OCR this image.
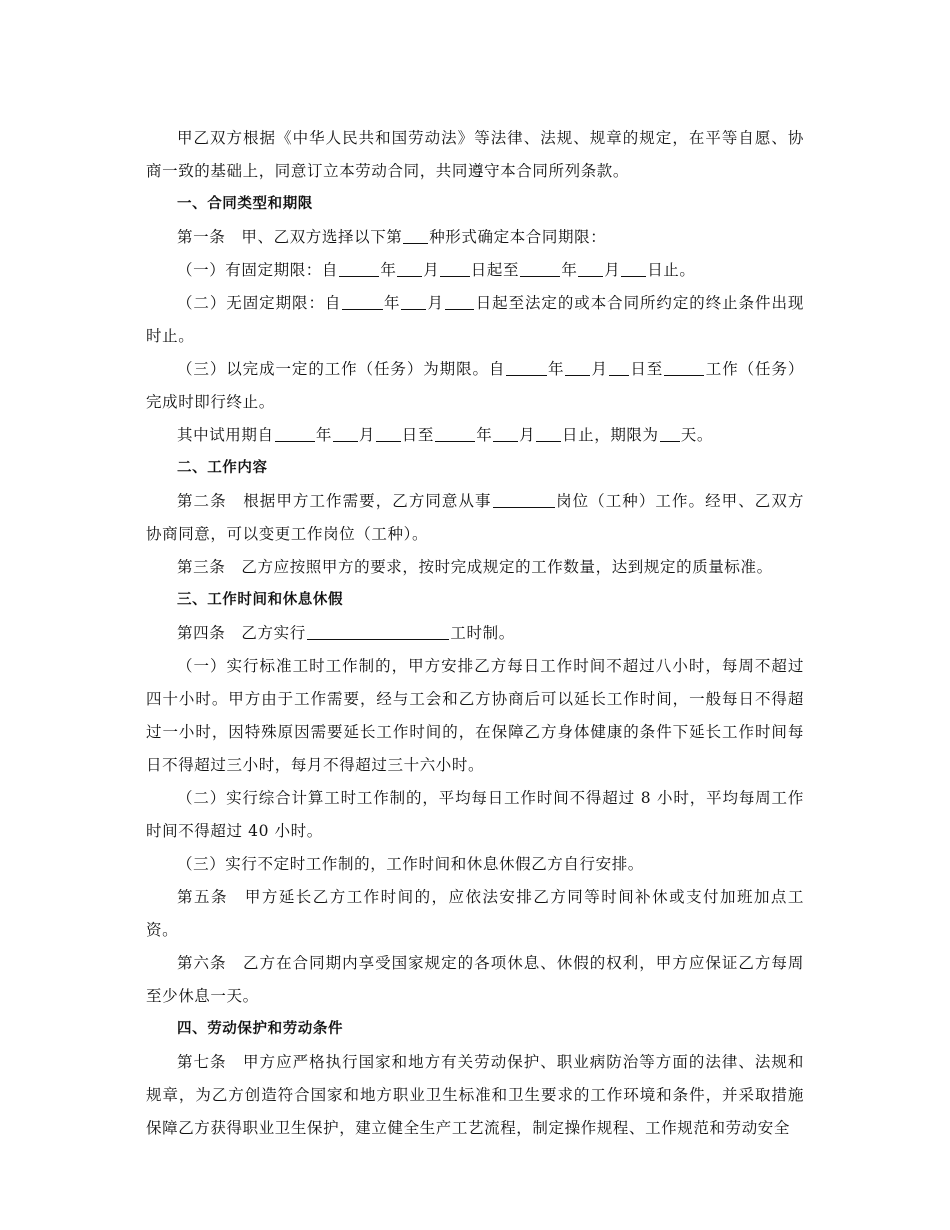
甲乙双方根据《中华人民共和国劳动法》等法律、法规、规章的规定，在平等自愿、协商一致的基础上，同意订立本劳动合同，共同遵守本合同所列条款。

一、合同类型和期限

第一条　甲、乙双方选择以下第 种形式确定本合同期限：

（一）有固定期限：自	年 月 日起至	年 月 日止。

（二）无固定期限：自	年 月 日起至法定的或本合同所约定的终止条件出现时止。

（三）以完成一定的工作（任务）为期限。自	年 月 日至	工作（任务）完成时即行终止。

其中试用期自	年 月 日至	年 月 日止，期限为 天。

二、工作内容

第二条　根据甲方工作需要，乙方同意从事	岗位（工种）工作。经甲、乙双方协商同意，可以变更工作岗位（工种）。

第三条　乙方应按照甲方的要求，按时完成规定的工作数量，达到规定的质量标准。

三、工作时间和休息休假

第四条　乙方实行	工时制。

（一）实行标准工时工作制的，甲方安排乙方每日工作时间不超过八小时，每周不超过四十小时。甲方由于工作需要，经与工会和乙方协商后可以延长工作时间，一般每日不得超过一小时，因特殊原因需要延长工作时间的，在保障乙方身体健康的条件下延长工作时间每日不得超过三小时，每月不得超过三十六小时。

（二）实行综合计算工时工作制的，平均每日工作时间不得超过 8 小时，平均每周工作时间不得超过 40 小时。

（三）实行不定时工作制的，工作时间和休息休假乙方自行安排。

第五条　甲方延长乙方工作时间的，应依法安排乙方同等时间补休或支付加班加点工资。

第六条　乙方在合同期内享受国家规定的各项休息、休假的权利，甲方应保证乙方每周至少休息一天。

四、劳动保护和劳动条件

第七条　甲方应严格执行国家和地方有关劳动保护、职业病防治等方面的法律、法规和规章，为乙方创造符合国家和地方职业卫生标准和卫生要求的工作环境和条件，并采取措施保障乙方获得职业卫生保护，建立健全生产工艺流程，制定操作规程、工作规范和劳动安全
